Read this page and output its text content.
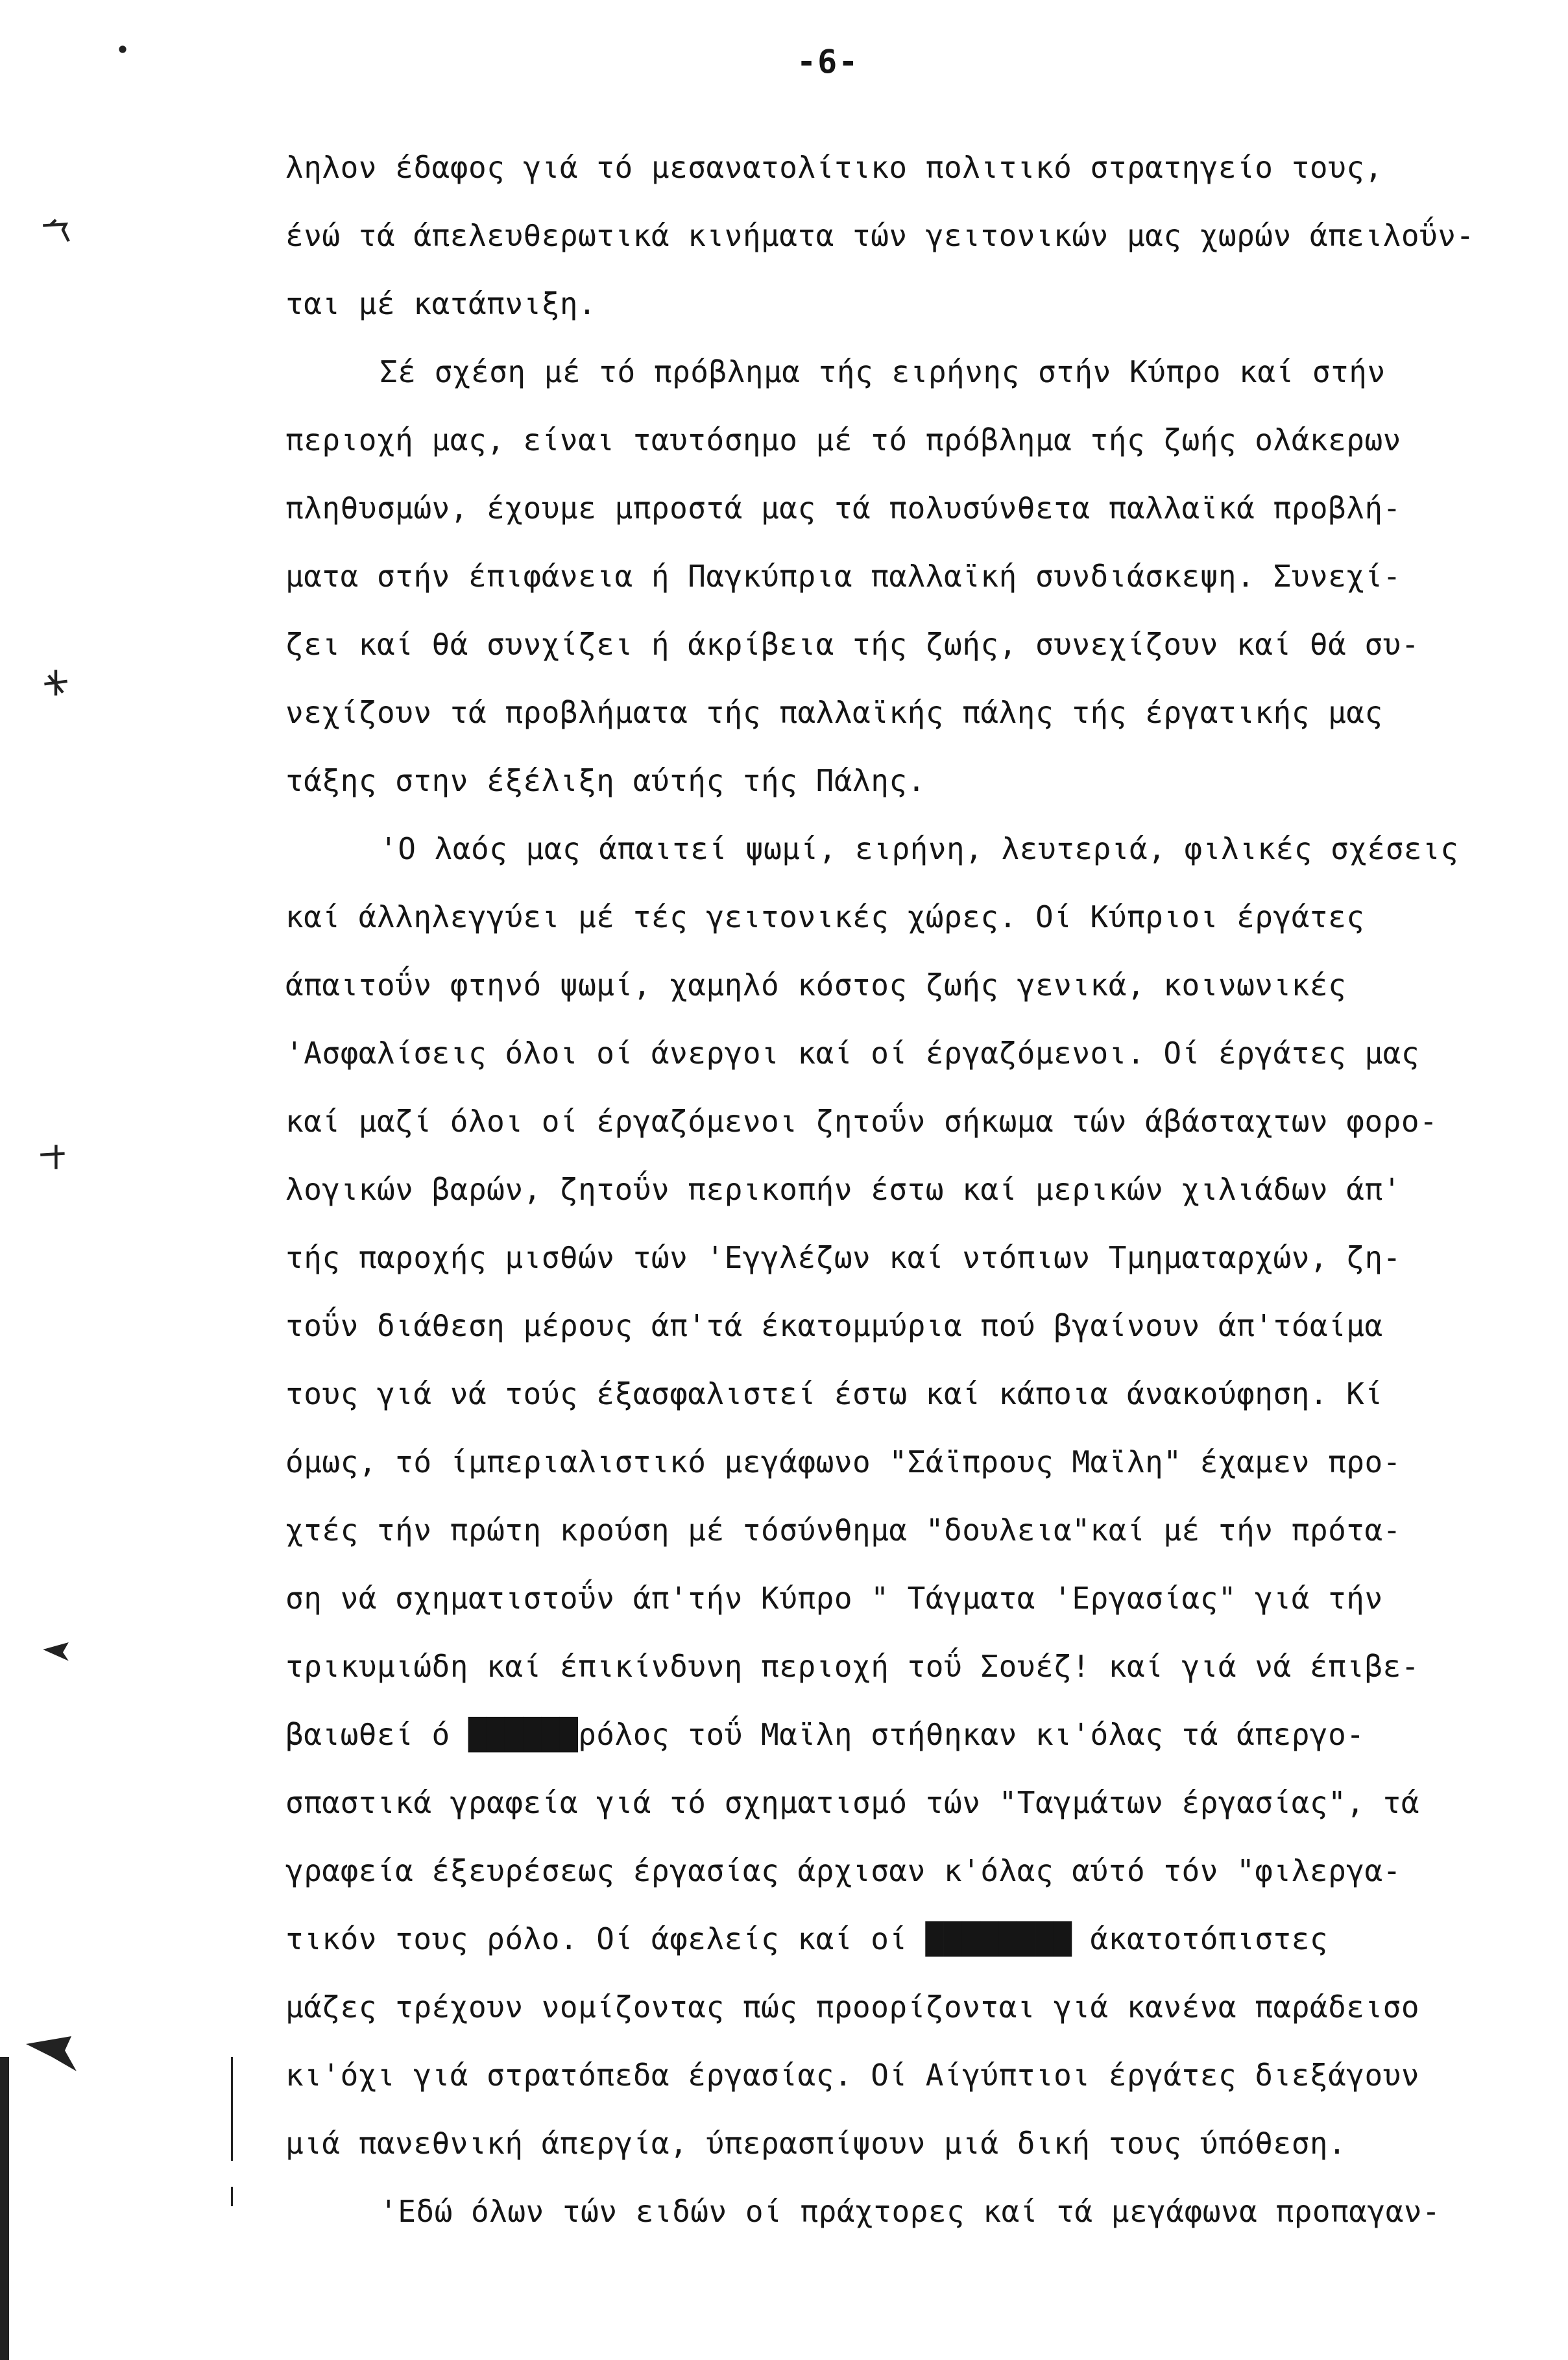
-6-
ληλον έδαφος γιά τό μεσανατολίτικο πολιτικό στρατηγείο τους,
ένώ τά άπελευθερωτικά κινήματα τών γειτονικών μας χωρών άπειλοΰν-
ται μέ κατάπνιξη.
Σέ σχέση μέ τό πρόβλημα τής ειρήνης στήν Κύπρο καί στήν
περιοχή μας, είναι ταυτόσημο μέ τό πρόβλημα τής ζωής ολάκερων
πληθυσμών, έχουμε μπροστά μας τά πολυσύνθετα παλλαϊκά προβλή-
ματα στήν έπιφάνεια ή Παγκύπρια παλλαϊκή συνδιάσκεψη. Συνεχί-
ζει καί θά συνχίζει ή άκρίβεια τής ζωής, συνεχίζουν καί θά συ-
νεχίζουν τά προβλήματα τής παλλαϊκής πάλης τής έργατικής μας
τάξης στην έξέλιξη αύτής τής Πάλης.
'Ο λαός μας άπαιτεί ψωμί, ειρήνη, λευτεριά, φιλικές σχέσεις
καί άλληλεγγύει μέ τές γειτονικές χώρες. Οί Κύπριοι έργάτες
άπαιτοΰν φτηνό ψωμί, χαμηλό κόστος ζωής γενικά, κοινωνικές
'Ασφαλίσεις όλοι οί άνεργοι καί οί έργαζόμενοι. Οί έργάτες μας
καί μαζί όλοι οί έργαζόμενοι ζητοΰν σήκωμα τών άβάσταχτων φορο-
λογικών βαρών, ζητοΰν περικοπήν έστω καί μερικών χιλιάδων άπ'
τής παροχής μισθών τών 'Εγγλέζων καί ντόπιων Τμηματαρχών, ζη-
τοΰν διάθεση μέρους άπ'τά έκατομμύρια πού βγαίνουν άπ'τόαίμα
τους γιά νά τούς έξασφαλιστεί έστω καί κάποια άνακούφηση. Κί
όμως, τό ίμπεριαλιστικό μεγάφωνο "Σάϊπρους Μαϊλη" έχαμεν προ-
χτές τήν πρώτη κρούση μέ τόσύνθημα "δουλεια"καί μέ τήν πρότα-
ση νά σχηματιστοΰν άπ'τήν Κύπρο " Τάγματα 'Εργασίας" γιά τήν
τρικυμιώδη καί έπικίνδυνη περιοχή τοΰ Σουέζ! καί γιά νά έπιβε-
βαιωθεί ό ██████ρόλος τοΰ Μαϊλη στήθηκαν κι'όλας τά άπεργο-
σπαστικά γραφεία γιά τό σχηματισμό τών "Ταγμάτων έργασίας", τά
γραφεία έξευρέσεως έργασίας άρχισαν κ'όλας αύτό τόν "φιλεργα-
τικόν τους ρόλο. Οί άφελείς καί οί ████████ άκατοτόπιστες
μάζες τρέχουν νομίζοντας πώς προορίζονται γιά κανένα παράδεισο
κι'όχι γιά στρατόπεδα έργασίας. Οί Αίγύπτιοι έργάτες διεξάγουν
μιά πανεθνική άπεργία, ύπερασπίψουν μιά δική τους ύπόθεση.
'Εδώ όλων τών ειδών οί πράχτορες καί τά μεγάφωνα προπαγαν-
